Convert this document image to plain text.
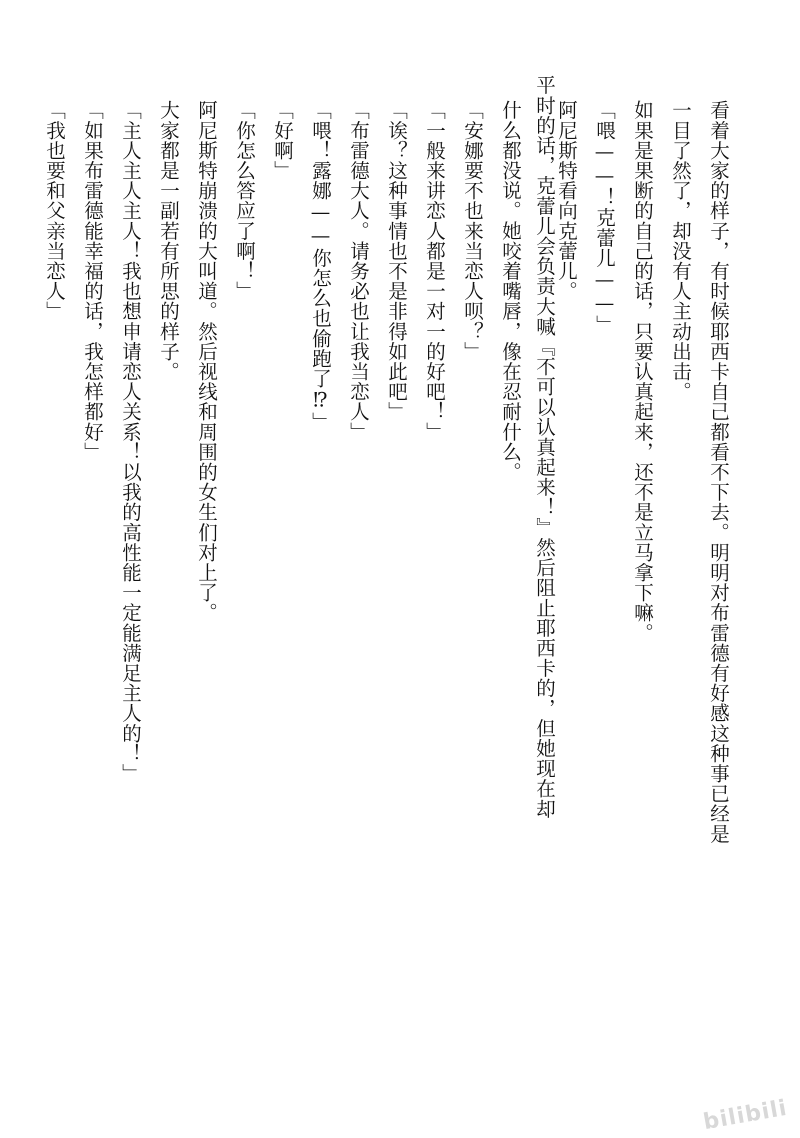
看着大家的样子，有时候耶西卡自己都看不下去。明明对布雷德有好感这种事已经是
一目了然了，却没有人主动出击。
如果是果断的自己的话，只要认真起来，还不是立马拿下嘛。
「喂——！克蕾儿——」
阿尼斯特看向克蕾儿。
平时的话，克蕾儿会负责大喊『不可以认真起来！』然后阻止耶西卡的，但她现在却
什么都没说。她咬着嘴唇，像在忍耐什么。
「安娜要不也来当恋人呗？」
「一般来讲恋人都是一对一的好吧！」
「诶？这种事情也不是非得如此吧」
「布雷德大人。请务必也让我当恋人」
「喂！露娜——你怎么也偷跑了⁉」
「好啊」
「你怎么答应了啊！」
阿尼斯特崩溃的大叫道。然后视线和周围的女生们对上了。
大家都是一副若有所思的样子。
「主人主人主人！我也想申请恋人关系！以我的高性能一定能满足主人的！」
「如果布雷德能幸福的话，我怎样都好」
「我也要和父亲当恋人」
bilibili
